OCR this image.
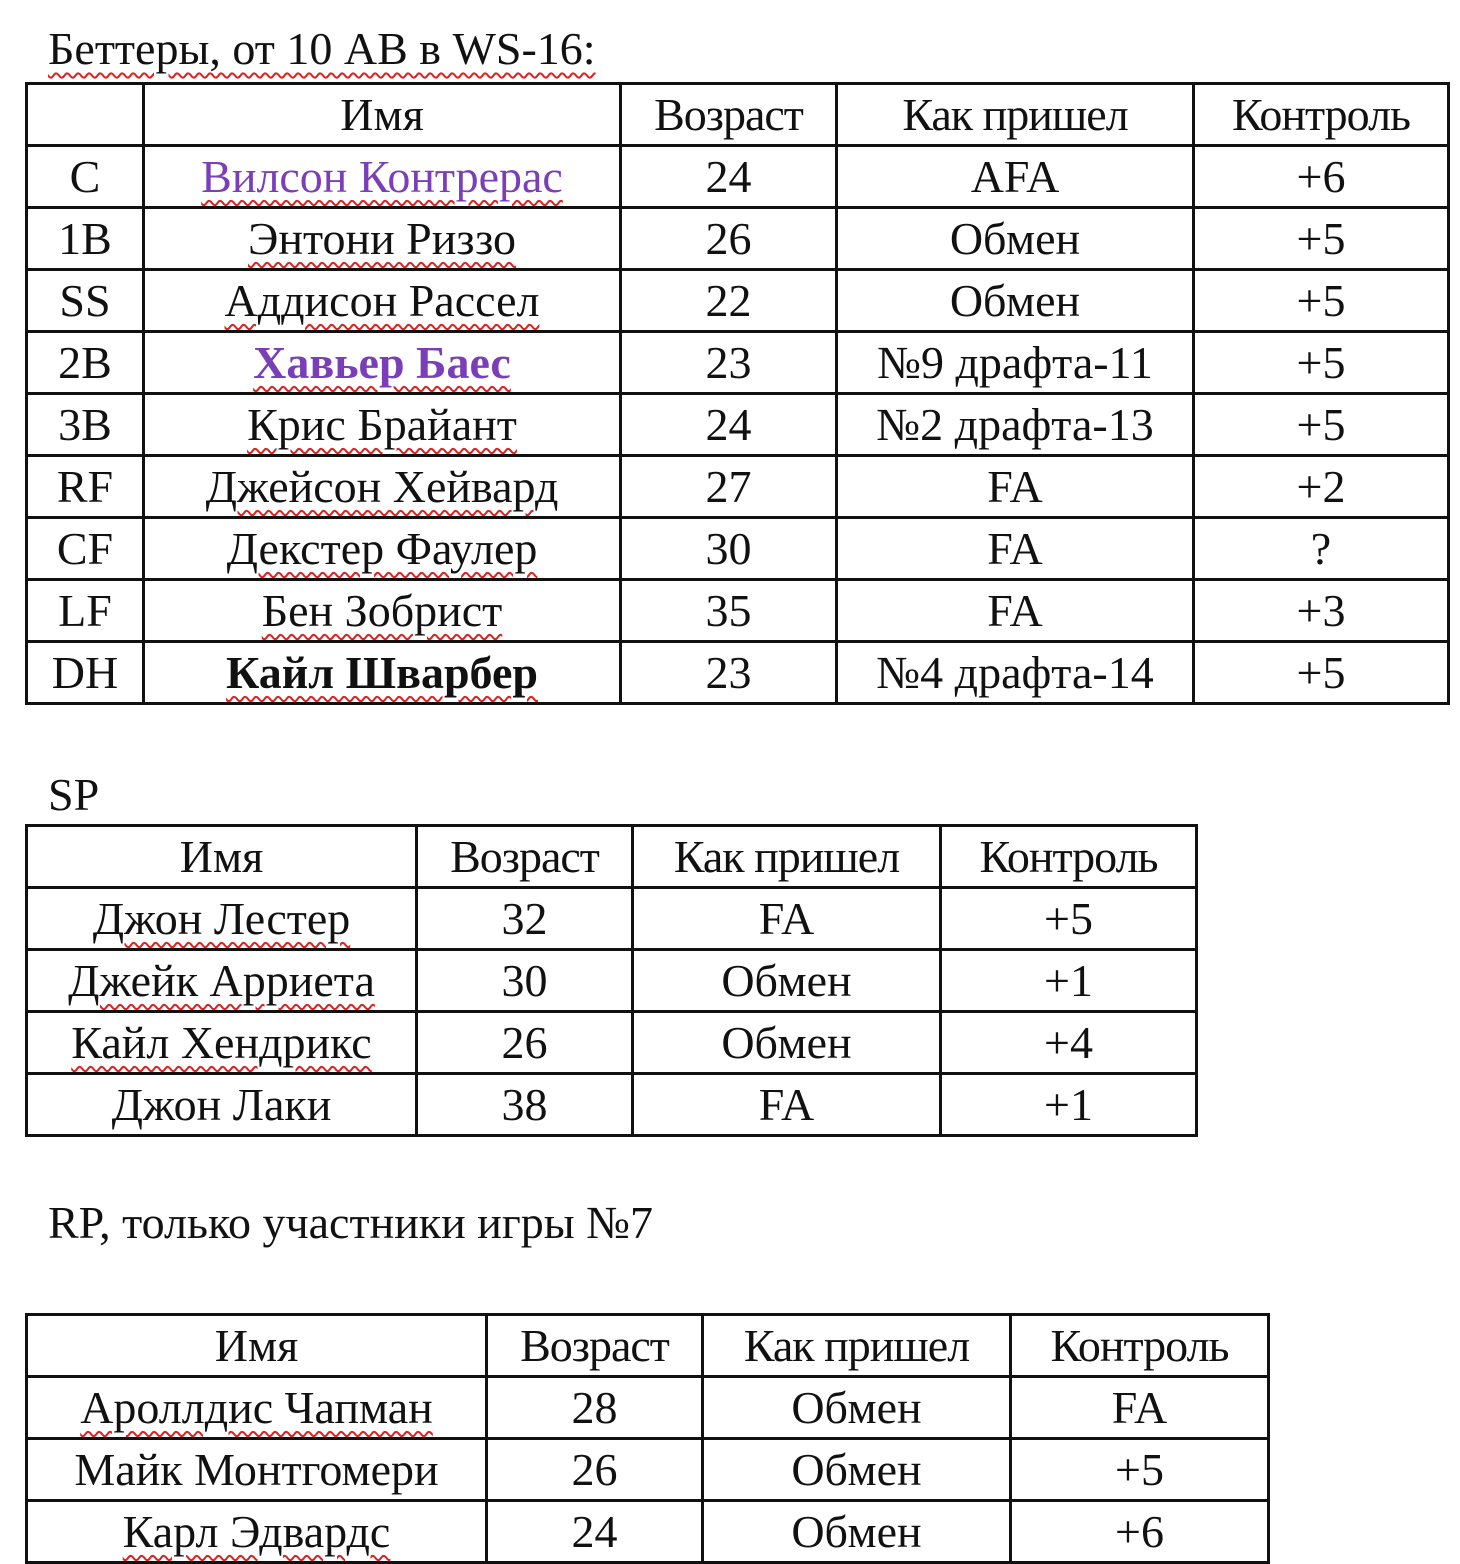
Беттеры, от 10 AB в WS-16:
	Имя	Возраст	Как пришел	Контроль
C	Вилсон Контрерас	24	AFA	+6
1B	Энтони Риззо	26	Обмен	+5
SS	Аддисон Рассел	22	Обмен	+5
2B	Хавьер Баес	23	№9 драфта-11	+5
3B	Крис Брайант	24	№2 драфта-13	+5
RF	Джейсон Хейвард	27	FA	+2
CF	Декстер Фаулер	30	FA	?
LF	Бен Зобрист	35	FA	+3
DH	Кайл Шварбер	23	№4 драфта-14	+5
SP
Имя	Возраст	Как пришел	Контроль
Джон Лестер	32	FA	+5
Джейк Арриета	30	Обмен	+1
Кайл Хендрикс	26	Обмен	+4
Джон Лаки	38	FA	+1
RP, только участники игры №7
Имя	Возраст	Как пришел	Контроль
Ароллдис Чапман	28	Обмен	FA
Майк Монтгомери	26	Обмен	+5
Карл Эдвардс	24	Обмен	+6
